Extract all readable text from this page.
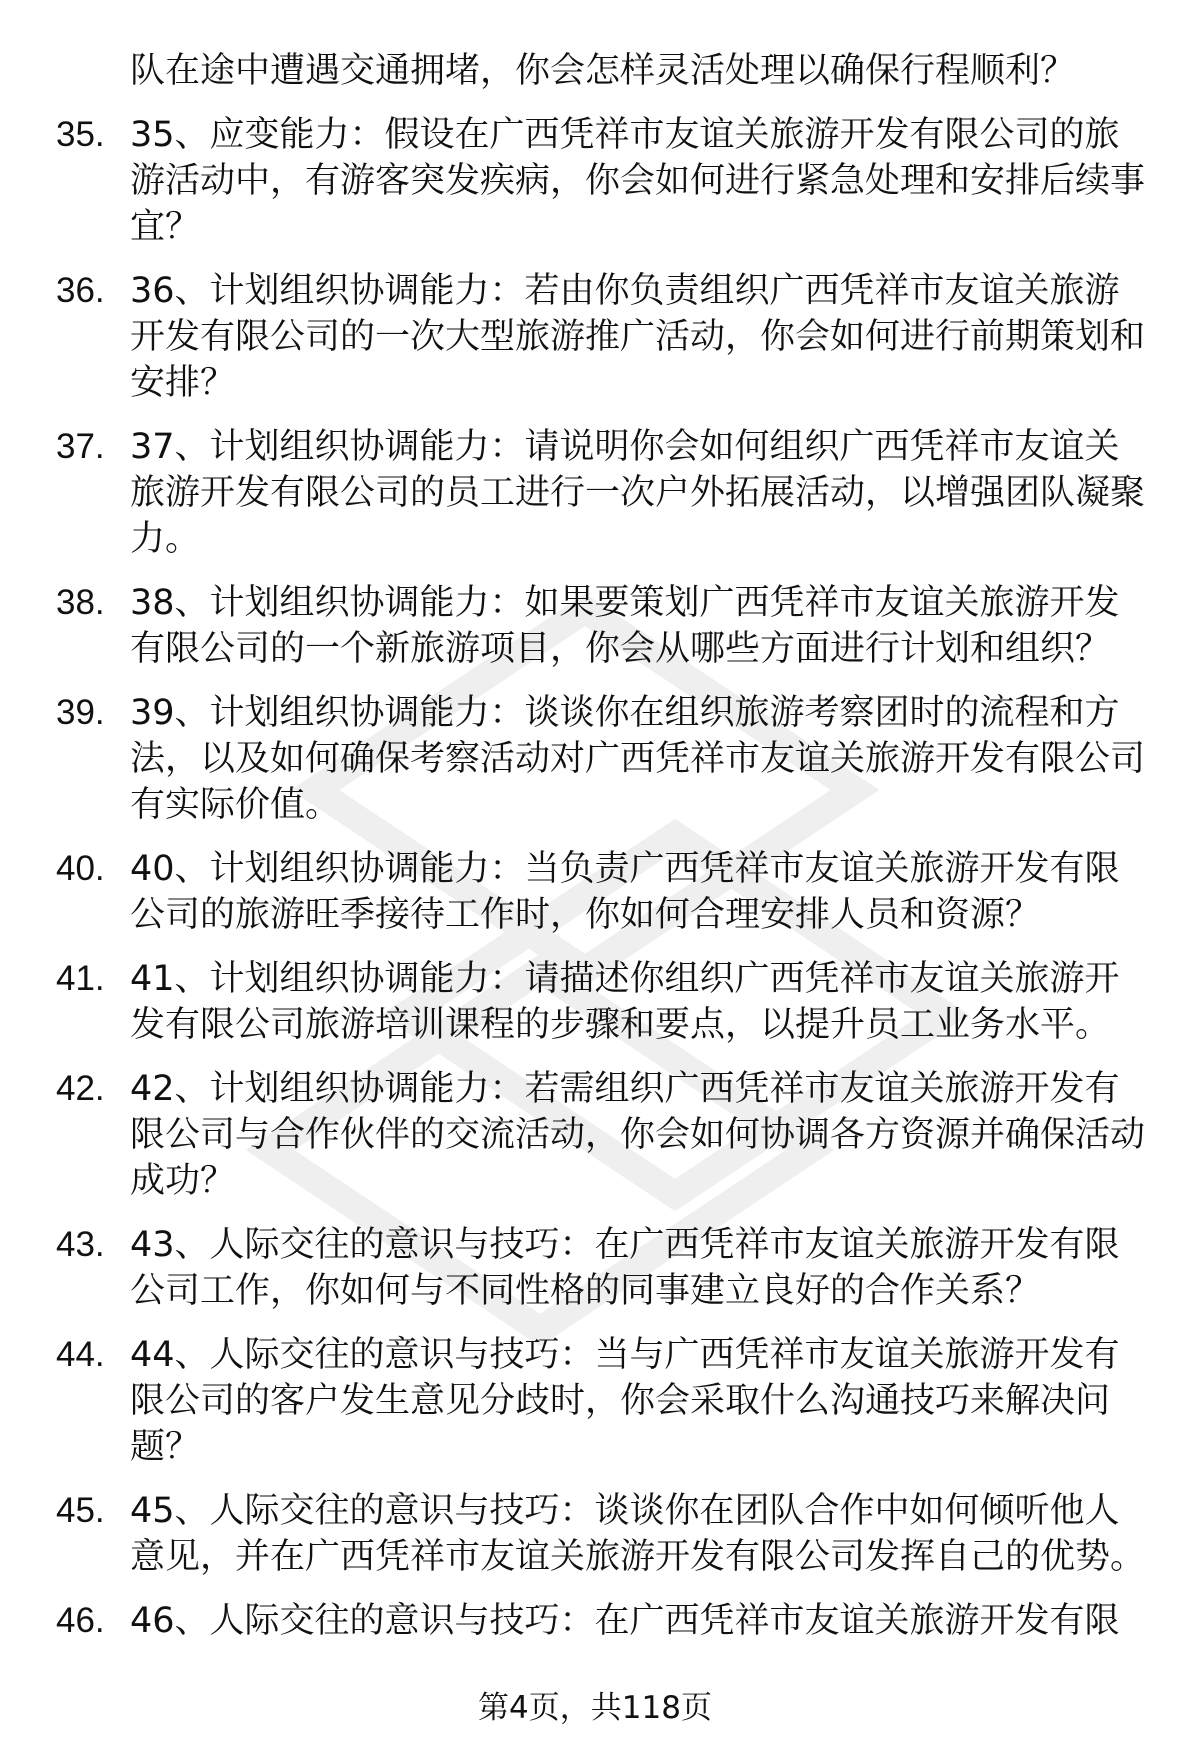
队在途中遭遇交通拥堵，你会怎样灵活处理以确保行程顺利？
35. 35、应变能力：假设在广西凭祥市友谊关旅游开发有限公司的旅游活动中，有游客突发疾病，你会如何进行紧急处理和安排后续事宜？
36. 36、计划组织协调能力：若由你负责组织广西凭祥市友谊关旅游开发有限公司的一次大型旅游推广活动，你会如何进行前期策划和安排？
37. 37、计划组织协调能力：请说明你会如何组织广西凭祥市友谊关旅游开发有限公司的员工进行一次户外拓展活动，以增强团队凝聚力。
38. 38、计划组织协调能力：如果要策划广西凭祥市友谊关旅游开发有限公司的一个新旅游项目，你会从哪些方面进行计划和组织？
39. 39、计划组织协调能力：谈谈你在组织旅游考察团时的流程和方法，以及如何确保考察活动对广西凭祥市友谊关旅游开发有限公司有实际价值。
40. 40、计划组织协调能力：当负责广西凭祥市友谊关旅游开发有限公司的旅游旺季接待工作时，你如何合理安排人员和资源？
41. 41、计划组织协调能力：请描述你组织广西凭祥市友谊关旅游开发有限公司旅游培训课程的步骤和要点，以提升员工业务水平。
42. 42、计划组织协调能力：若需组织广西凭祥市友谊关旅游开发有限公司与合作伙伴的交流活动，你会如何协调各方资源并确保活动成功？
43. 43、人际交往的意识与技巧：在广西凭祥市友谊关旅游开发有限公司工作，你如何与不同性格的同事建立良好的合作关系？
44. 44、人际交往的意识与技巧：当与广西凭祥市友谊关旅游开发有限公司的客户发生意见分歧时，你会采取什么沟通技巧来解决问题？
45. 45、人际交往的意识与技巧：谈谈你在团队合作中如何倾听他人意见，并在广西凭祥市友谊关旅游开发有限公司发挥自己的优势。
46. 46、人际交往的意识与技巧：在广西凭祥市友谊关旅游开发有限
第4页，共118页
